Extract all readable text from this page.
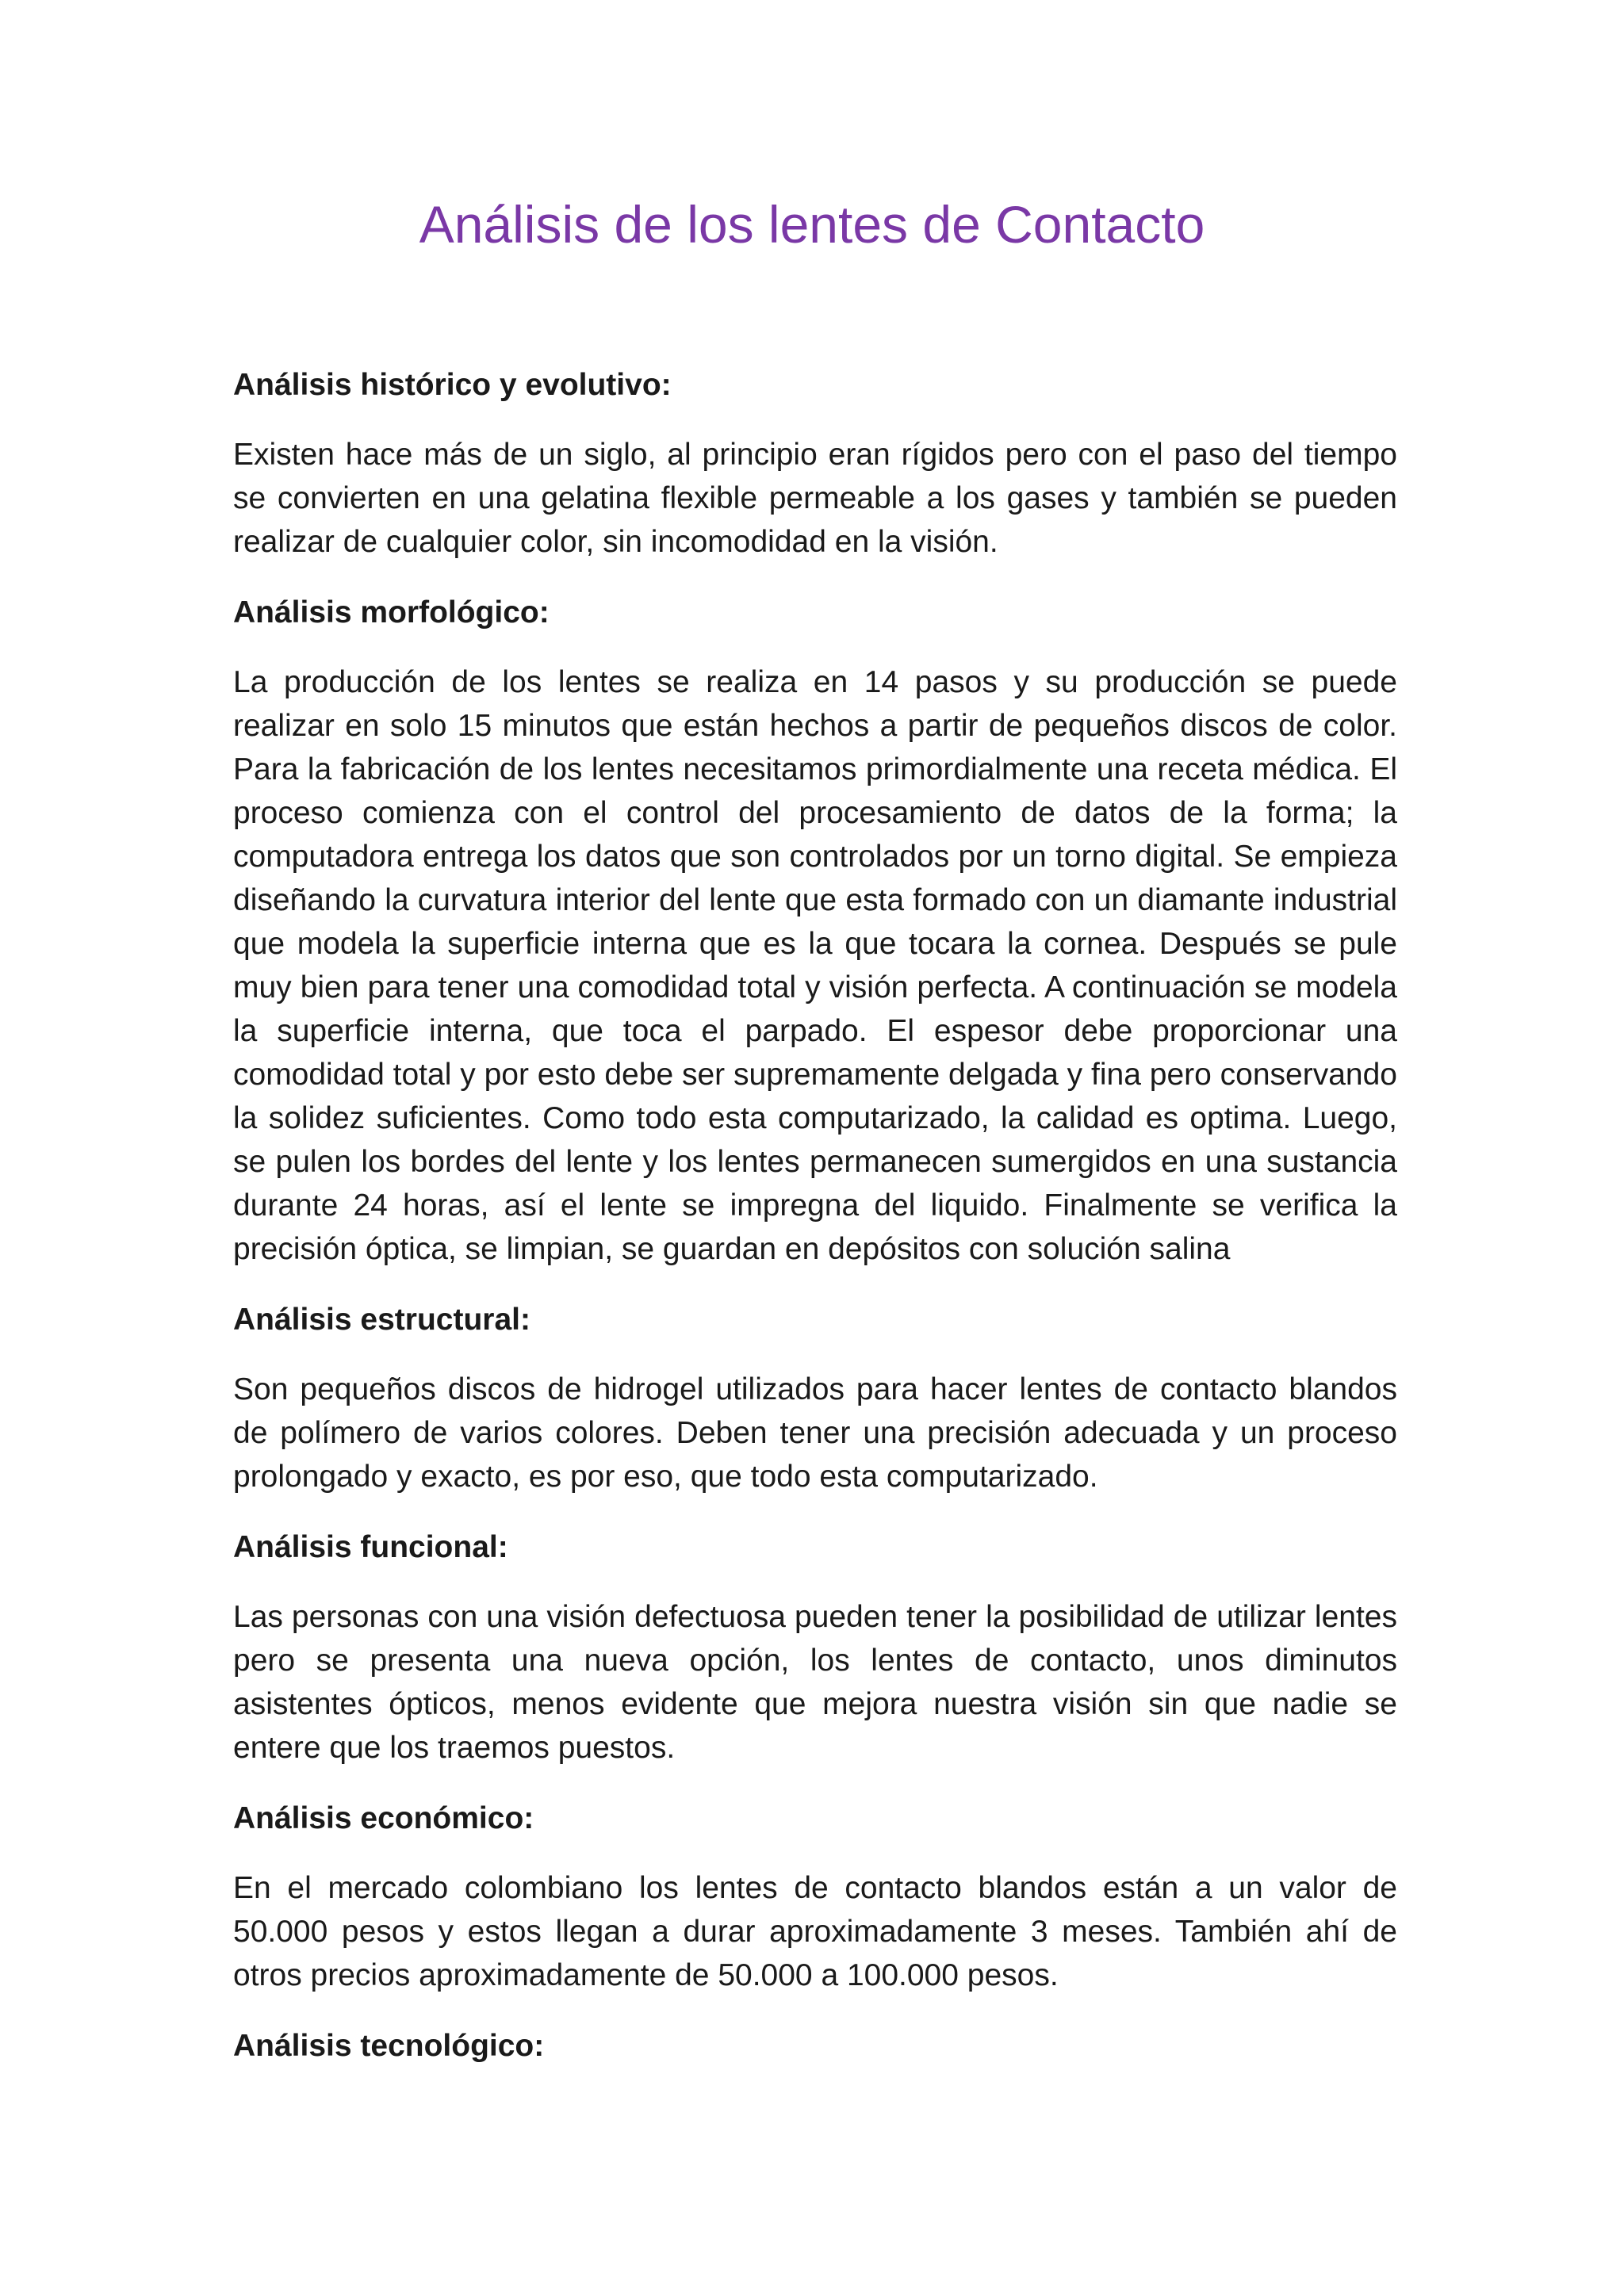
Análisis de los lentes de Contacto
Análisis histórico y evolutivo:

Existen hace más de un siglo, al principio eran rígidos pero con el paso del tiempo se convierten en una gelatina flexible permeable a los gases y también se pueden realizar de cualquier color, sin incomodidad en la visión.

Análisis morfológico:

La producción de los lentes se realiza en 14 pasos y su producción se puede realizar en solo 15 minutos que están hechos a partir de pequeños discos de color. Para la fabricación de los lentes necesitamos primordialmente una receta médica. El proceso comienza con el control del procesamiento de datos de la forma; la computadora entrega los datos que son controlados por un torno digital. Se empieza diseñando la curvatura interior del lente que esta formado con un diamante industrial que modela la superficie interna que es la que tocara la cornea. Después se pule muy bien para tener una comodidad total y visión perfecta. A continuación se modela la superficie interna, que toca el parpado. El espesor debe proporcionar una comodidad total y por esto debe ser supremamente delgada y fina pero conservando la solidez suficientes. Como todo esta computarizado, la calidad es optima. Luego, se pulen los bordes del lente y los lentes permanecen sumergidos en una sustancia durante 24 horas, así el lente se impregna del liquido. Finalmente se verifica la precisión óptica, se limpian, se guardan en depósitos con solución salina

Análisis estructural:

Son pequeños discos de hidrogel utilizados para hacer lentes de contacto blandos de polímero de varios colores. Deben tener una precisión adecuada y un proceso prolongado y exacto, es por eso, que todo esta computarizado.

Análisis funcional:

Las personas con una visión defectuosa pueden tener la posibilidad de utilizar lentes pero se presenta una nueva opción, los lentes de contacto, unos diminutos asistentes ópticos, menos evidente que mejora nuestra visión sin que nadie se entere que los traemos puestos.

Análisis económico:

En el mercado colombiano los lentes de contacto blandos están a un valor de 50.000 pesos y estos llegan a durar aproximadamente 3 meses. También ahí de otros precios aproximadamente de 50.000 a 100.000 pesos.

Análisis tecnológico:
